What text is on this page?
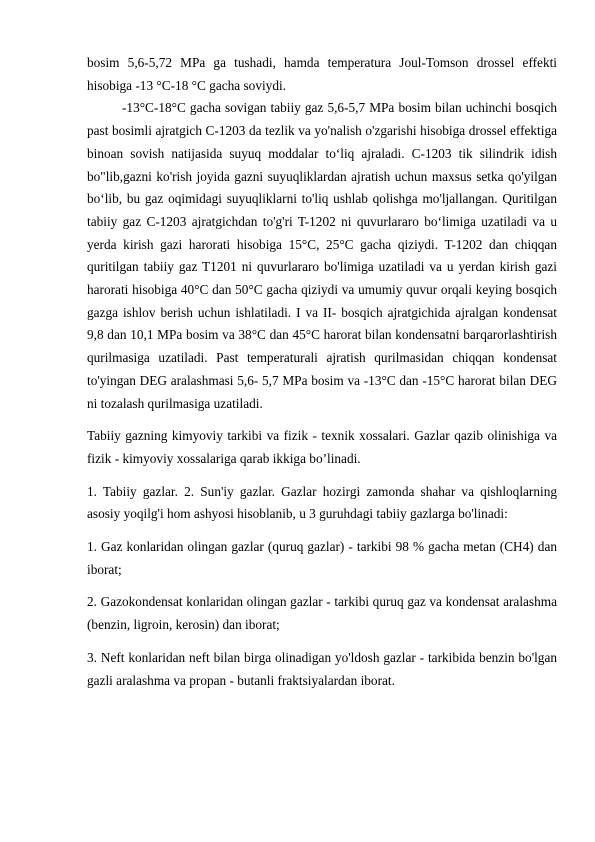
bosim 5,6-5,72 MPa ga tushadi, hamda temperatura Joul-Tomson drossel effekti hisobiga -13 °C-18 °C gacha soviydi.

-13°C-18°C gacha sovigan tabiiy gaz 5,6-5,7 MPa bosim bilan uchinchi bosqich past bosimli ajratgich C-1203 da tezlik va yo'nalish o'zgarishi hisobiga drossel effektiga binoan sovish natijasida suyuq moddalar to‘liq ajraladi. C-1203 tik silindrik idish bo"lib,gazni ko'rish joyida gazni suyuqliklardan ajratish uchun maxsus setka qo'yilgan bo‘lib, bu gaz oqimidagi suyuqliklarni to'liq ushlab qolishga mo'ljallangan. Quritilgan tabiiy gaz C-1203 ajratgichdan to'g'ri T-1202 ni quvurlararo bo‘limiga uzatiladi va u yerda kirish gazi harorati hisobiga 15°C, 25°C gacha qiziydi. T-1202 dan chiqqan quritilgan tabiiy gaz T1201 ni quvurlararo bo'limiga uzatiladi va u yerdan kirish gazi harorati hisobiga 40°C dan 50°C gacha qiziydi va umumiy quvur orqali keying bosqich gazga ishlov berish uchun ishlatiladi. I va II- bosqich ajratgichida ajralgan kondensat 9,8 dan 10,1 MPa bosim va 38°C dan 45°C harorat bilan kondensatni barqarorlashtirish qurilmasiga uzatiladi. Past temperaturali ajratish qurilmasidan chiqqan kondensat to'yingan DEG aralashmasi 5,6- 5,7 MPa bosim va -13°C dan -15°C harorat bilan DEG ni tozalash qurilmasiga uzatiladi.

Tabiiy gazning kimyoviy tarkibi va fizik - texnik xossalari. Gazlar qazib olinishiga va fizik - kimyoviy xossalariga qarab ikkiga bo’linadi.

1. Tabiiy gazlar. 2. Sun'iy gazlar. Gazlar hozirgi zamonda shahar va qishloqlarning asosiy yoqilg'i hom ashyosi hisoblanib, u 3 guruhdagi tabiiy gazlarga bo'linadi:

1. Gaz konlaridan olingan gazlar (quruq gazlar) - tarkibi 98 % gacha metan (CH4) dan iborat;

2. Gazokondensat konlaridan olingan gazlar - tarkibi quruq gaz va kondensat aralashma (benzin, ligroin, kerosin) dan iborat;

3. Neft konlaridan neft bilan birga olinadigan yo'ldosh gazlar - tarkibida benzin bo'lgan gazli aralashma va propan - butanli fraktsiyalardan iborat.
